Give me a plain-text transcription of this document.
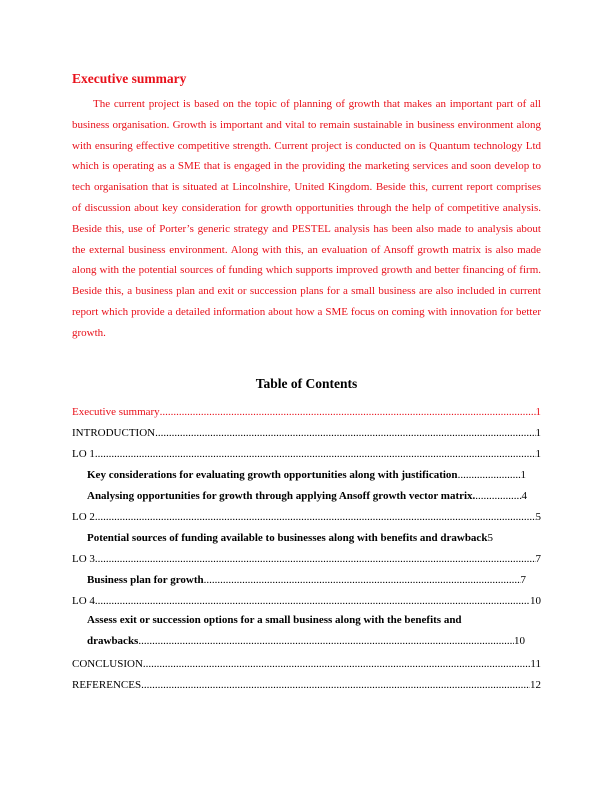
Executive summary

The current project is based on the topic of planning of growth that makes an important part of all business organisation. Growth is important and vital to remain sustainable in business environment along with ensuring effective competitive strength. Current project is conducted on is Quantum technology Ltd which is operating as a SME that is engaged in the providing the marketing services and soon develop to tech organisation that is situated at Lincolnshire, United Kingdom. Beside this, current report comprises of discussion about key consideration for growth opportunities through the help of competitive analysis. Beside this, use of Porter’s generic strategy and PESTEL analysis has been also made to analysis about the external business environment. Along with this, an evaluation of Ansoff growth matrix is also made along with the potential sources of funding which supports improved growth and better financing of firm. Beside this, a business plan and exit or succession plans for a small business are also included in current report which provide a detailed information about how a SME focus on coming with innovation for better growth.

Table of Contents
Executive summary .....	1
INTRODUCTION .....	1
LO 1 .....	1
Key considerations for evaluating growth opportunities along with justification .....	1
Analysing opportunities for growth through applying Ansoff growth vector matrix. .....	4
LO 2 .....	5
Potential sources of funding available to businesses along with benefits and drawback 5
LO 3 .....	7
Business plan for growth .....	7
LO 4 .....	10
Assess exit or succession options for a small business along with the benefits and
drawbacks .....	10
CONCLUSION .....	11
REFERENCES .....	12
